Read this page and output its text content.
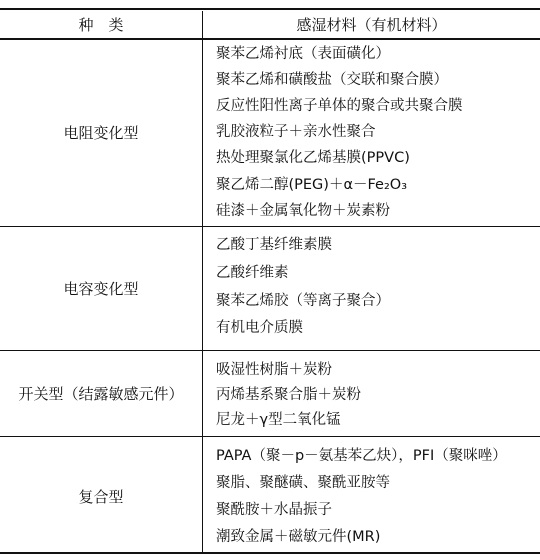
种　类	感湿材料（有机材料）
电阻变化型
聚苯乙烯衬底（表面磺化）
聚苯乙烯和磺酸盐（交联和聚合膜）
反应性阳性离子单体的聚合或共聚合膜
乳胶液粒子＋亲水性聚合
热处理聚氯化乙烯基膜(PPVC)
聚乙烯二醇(PEG)＋α－Fe₂O₃
硅漆＋金属氧化物＋炭素粉
电容变化型
乙酸丁基纤维素膜
乙酸纤维素
聚苯乙烯胶（等离子聚合）
有机电介质膜
开关型（结露敏感元件）
吸湿性树脂＋炭粉
丙烯基系聚合脂＋炭粉
尼龙＋γ型二氧化锰
复合型
PAPA（聚－p－氨基苯乙炔），PFI（聚咪唑）
聚脂、聚醚磺、聚酰亚胺等
聚酰胺＋水晶振子
潮致金属＋磁敏元件(MR)
